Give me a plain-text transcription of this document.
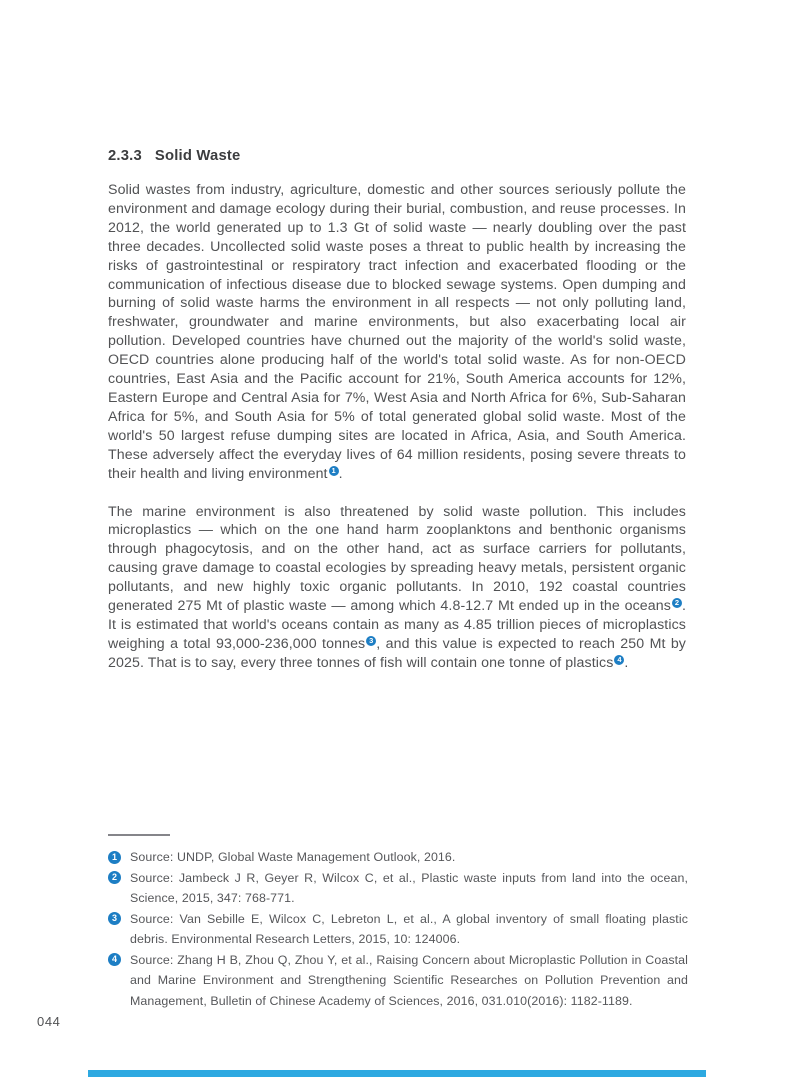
2.3.3 Solid Waste

Solid wastes from industry, agriculture, domestic and other sources seriously pollute the environment and damage ecology during their burial, combustion, and reuse processes. In 2012, the world generated up to 1.3 Gt of solid waste — nearly doubling over the past three decades. Uncollected solid waste poses a threat to public health by increasing the risks of gastrointestinal or respiratory tract infection and exacerbated flooding or the communication of infectious disease due to blocked sewage systems. Open dumping and burning of solid waste harms the environment in all respects — not only polluting land, freshwater, groundwater and marine environments, but also exacerbating local air pollution. Developed countries have churned out the majority of the world's solid waste, OECD countries alone producing half of the world's total solid waste. As for non-OECD countries, East Asia and the Pacific account for 21%, South America accounts for 12%, Eastern Europe and Central Asia for 7%, West Asia and North Africa for 6%, Sub-Saharan Africa for 5%, and South Asia for 5% of total generated global solid waste. Most of the world's 50 largest refuse dumping sites are located in Africa, Asia, and South America. These adversely affect the everyday lives of 64 million residents, posing severe threats to their health and living environment 1 .

The marine environment is also threatened by solid waste pollution. This includes microplastics — which on the one hand harm zooplanktons and benthonic organisms through phagocytosis, and on the other hand, act as surface carriers for pollutants, causing grave damage to coastal ecologies by spreading heavy metals, persistent organic pollutants, and new highly toxic organic pollutants. In 2010, 192 coastal countries generated 275 Mt of plastic waste — among which 4.8-12.7 Mt ended up in the oceans 2 . It is estimated that world's oceans contain as many as 4.85 trillion pieces of microplastics weighing a total 93,000-236,000 tonnes 3 , and this value is expected to reach 250 Mt by 2025. That is to say, every three tonnes of fish will contain one tonne of plastics 4 .

1	Source: UNDP, Global Waste Management Outlook, 2016.
2	Source: Jambeck J R, Geyer R, Wilcox C, et al., Plastic waste inputs from land into the ocean, Science, 2015, 347: 768-771.
3	Source: Van Sebille E, Wilcox C, Lebreton L, et al., A global inventory of small floating plastic debris. Environmental Research Letters, 2015, 10: 124006.
4	Source: Zhang H B, Zhou Q, Zhou Y, et al., Raising Concern about Microplastic Pollution in Coastal and Marine Environment and Strengthening Scientific Researches on Pollution Prevention and Management, Bulletin of Chinese Academy of Sciences, 2016, 031.010(2016): 1182-1189.
044
